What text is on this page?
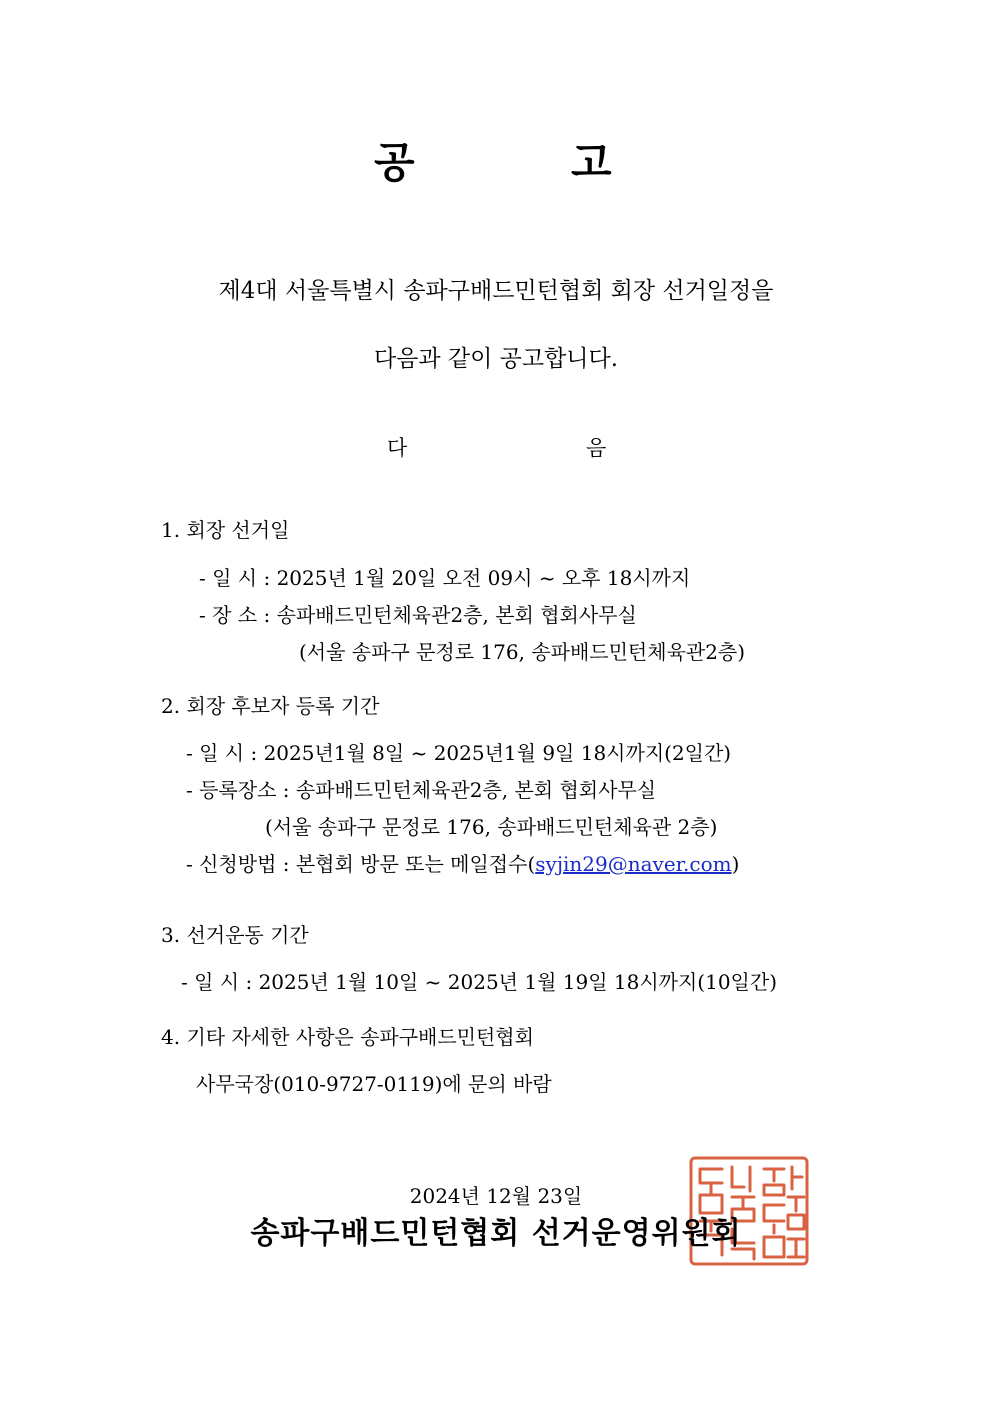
공	고
제4대 서울특별시 송파구배드민턴협회 회장 선거일정을
다음과 같이 공고합니다.
다	음
1. 회장 선거일
- 일 시 : 2025년 1월 20일 오전 09시 ~ 오후 18시까지
- 장 소 : 송파배드민턴체육관2층, 본회 협회사무실
(서울 송파구 문정로 176, 송파배드민턴체육관2층)
2. 회장 후보자 등록 기간
- 일 시 : 2025년1월 8일 ~ 2025년1월 9일 18시까지(2일간)
- 등록장소 : 송파배드민턴체육관2층, 본회 협회사무실
(서울 송파구 문정로 176, 송파배드민턴체육관 2층)
- 신청방법 : 본협회 방문 또는 메일접수(syjin29@naver.com)
3. 선거운동 기간
- 일 시 : 2025년 1월 10일 ~ 2025년 1월 19일 18시까지(10일간)
4. 기타 자세한 사항은 송파구배드민턴협회
사무국장(010-9727-0119)에 문의 바람
2024년 12월 23일
송파구배드민턴협회 선거운영위원회
